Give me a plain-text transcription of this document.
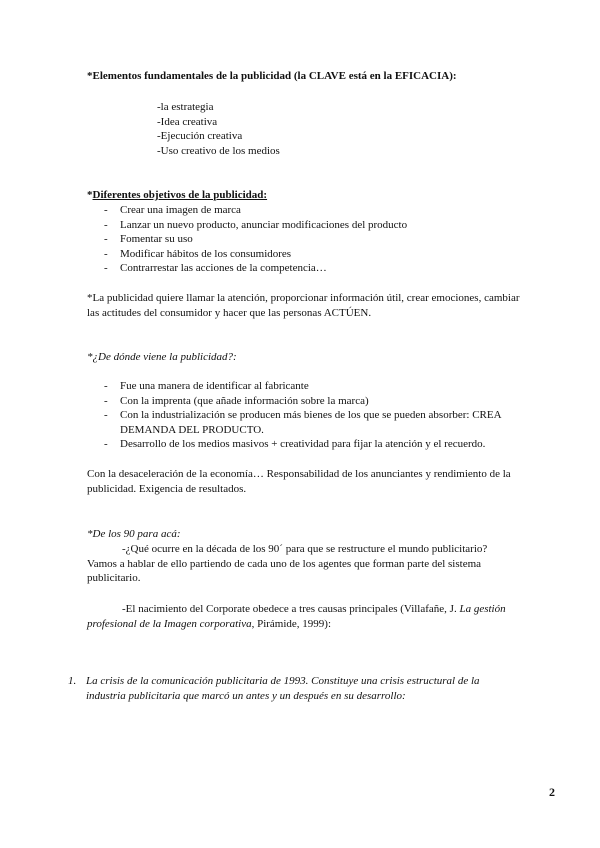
*Elementos fundamentales de la publicidad (la CLAVE está en la EFICACIA):
-la estrategia
-Idea creativa
-Ejecución creativa
-Uso creativo de los medios
*Diferentes objetivos de la publicidad:
- Crear una imagen de marca
- Lanzar un nuevo producto, anunciar modificaciones del producto
- Fomentar su uso
- Modificar hábitos de los consumidores
- Contrarrestar las acciones de la competencia…
*La publicidad quiere llamar la atención, proporcionar información útil, crear emociones, cambiar
las actitudes del consumidor y hacer que las personas ACTÚEN.
*¿De dónde viene la publicidad?:
- Fue una manera de identificar al fabricante
- Con la imprenta (que añade información sobre la marca)
- Con la industrialización se producen más bienes de los que se pueden absorber: CREA DEMANDA DEL PRODUCTO.
- Desarrollo de los medios masivos + creatividad para fijar la atención y el recuerdo.
Con la desaceleración de la economía… Responsabilidad de los anunciantes y rendimiento de la
publicidad. Exigencia de resultados.
*De los 90 para acá:
-¿Qué ocurre en la década de los 90´ para que se restructure el mundo publicitario?
Vamos a hablar de ello partiendo de cada uno de los agentes que forman parte del sistema
publicitario.
-El nacimiento del Corporate obedece a tres causas principales (Villafañe, J. La gestión
profesional de la Imagen corporativa, Pirámide, 1999):
1. La crisis de la comunicación publicitaria de 1993. Constituye una crisis estructural de la
industria publicitaria que marcó un antes y un después en su desarrollo:
2
